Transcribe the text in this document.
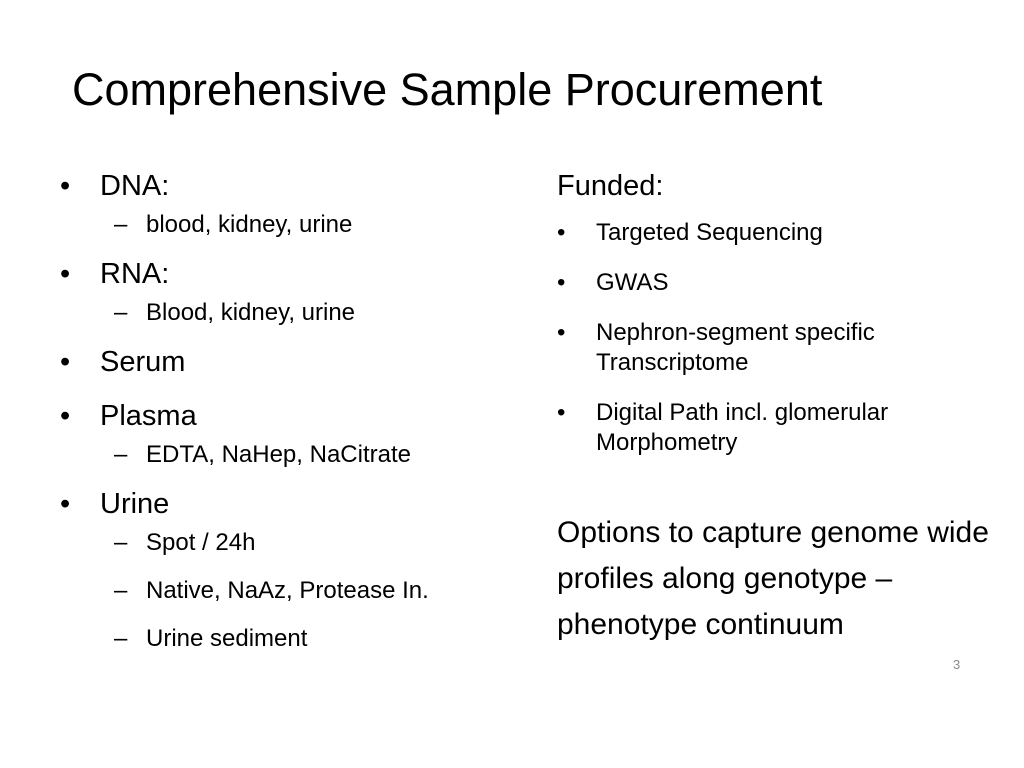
Comprehensive Sample Procurement
•	DNA:
– blood, kidney, urine
•	RNA:
– Blood, kidney, urine
•	Serum
•	Plasma
– EDTA, NaHep, NaCitrate
•	Urine
– Spot / 24h
– Native, NaAz, Protease In.
– Urine sediment
Funded:
•	Targeted Sequencing
•	GWAS
•	Nephron-segment specific Transcriptome
•	Digital Path incl. glomerular Morphometry
Options to capture genome wide profiles along genotype – phenotype continuum
3
